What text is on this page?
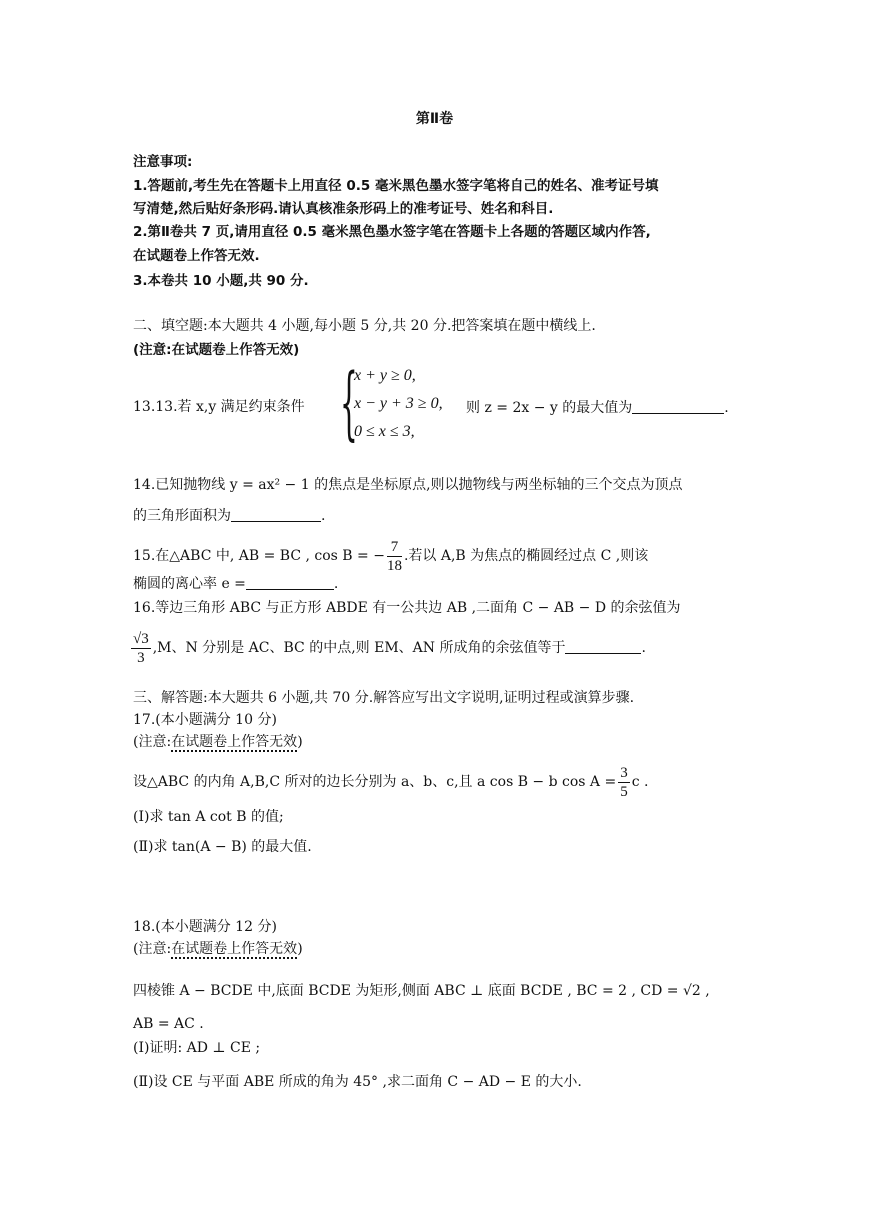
第Ⅱ卷
注意事项:
1.答题前,考生先在答题卡上用直径 0.5 毫米黑色墨水签字笔将自己的姓名、准考证号填
写清楚,然后贴好条形码.请认真核准条形码上的准考证号、姓名和科目.
2.第Ⅱ卷共 7 页,请用直径 0.5 毫米黑色墨水签字笔在答题卡上各题的答题区域内作答,
在试题卷上作答无效.
3.本卷共 10 小题,共 90 分.
二、填空题:本大题共 4 小题,每小题 5 分,共 20 分.把答案填在题中横线上.
(注意:在试题卷上作答无效)
13.13.若 x,y 满足约束条件 {
x + y ≥ 0,
x − y + 3 ≥ 0,
0 ≤ x ≤ 3,
则 z = 2x − y 的最大值为	.
14.已知抛物线 y = ax² − 1 的焦点是坐标原点,则以抛物线与两坐标轴的三个交点为顶点
的三角形面积为	.
15.在△ABC 中, AB = BC , cos B = − $\frac{7}{18}$ .若以 A,B 为焦点的椭圆经过点 C ,则该
椭圆的离心率 e =	.
16.等边三角形 ABC 与正方形 ABDE 有一公共边 AB ,二面角 C − AB − D 的余弦值为
$\frac{√3}{3} ,M$、N 分别是 AC、BC 的中点,则 EM、AN 所成角的余弦值等于	.
三、解答题:本大题共 6 小题,共 70 分.解答应写出文字说明,证明过程或演算步骤.
17.(本小题满分 10 分)
(注意:在试题卷上作答无效)
设△ABC 的内角 A,B,C 所对的边长分别为 a、b、c,且 a cos B − b $\cos A = \frac{3}{5}$ c .
(Ⅰ)求 tan A cot B 的值;
(Ⅱ)求 tan(A − B) 的最大值.
18.(本小题满分 12 分)
(注意:在试题卷上作答无效)
四棱锥 A − BCDE 中,底面 BCDE 为矩形,侧面 ABC ⊥ 底面 BCDE , BC = 2 , CD = √2 ,
AB = AC .
(Ⅰ)证明: AD ⊥ CE ;
(Ⅱ)设 CE 与平面 ABE 所成的角为 45° ,求二面角 C − AD − E 的大小.
